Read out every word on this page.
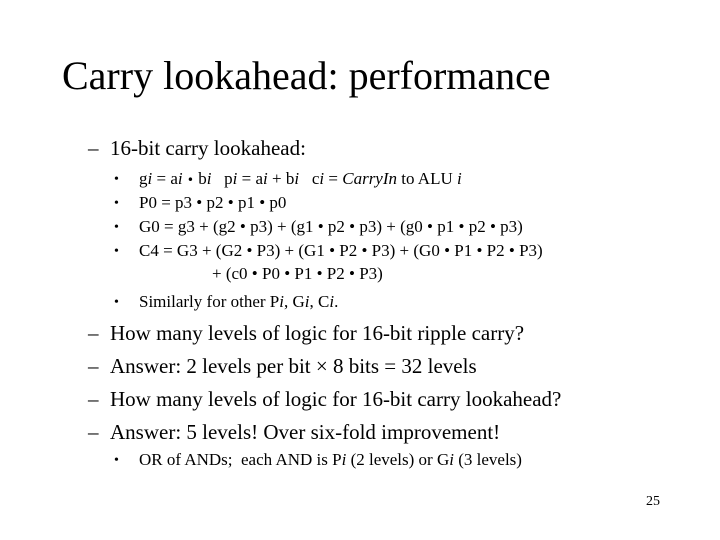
Carry lookahead: performance
– 16-bit carry lookahead:
• gi = ai • bi pi = ai + bi ci = CarryIn to ALU i
• P0 = p3 • p2 • p1 • p0
• G0 = g3 + (g2 • p3) + (g1 • p2 • p3) + (g0 • p1 • p2 • p3)
• C4 = G3 + (G2 • P3) + (G1 • P2 • P3) + (G0 • P1 • P2 • P3)
+ (c0 • P0 • P1 • P2 • P3)
• Similarly for other Pi, Gi, Ci.
– How many levels of logic for 16-bit ripple carry?
– Answer: 2 levels per bit × 8 bits = 32 levels
– How many levels of logic for 16-bit carry lookahead?
– Answer: 5 levels! Over six-fold improvement!
• OR of ANDs;  each AND is Pi (2 levels) or Gi (3 levels)
25
